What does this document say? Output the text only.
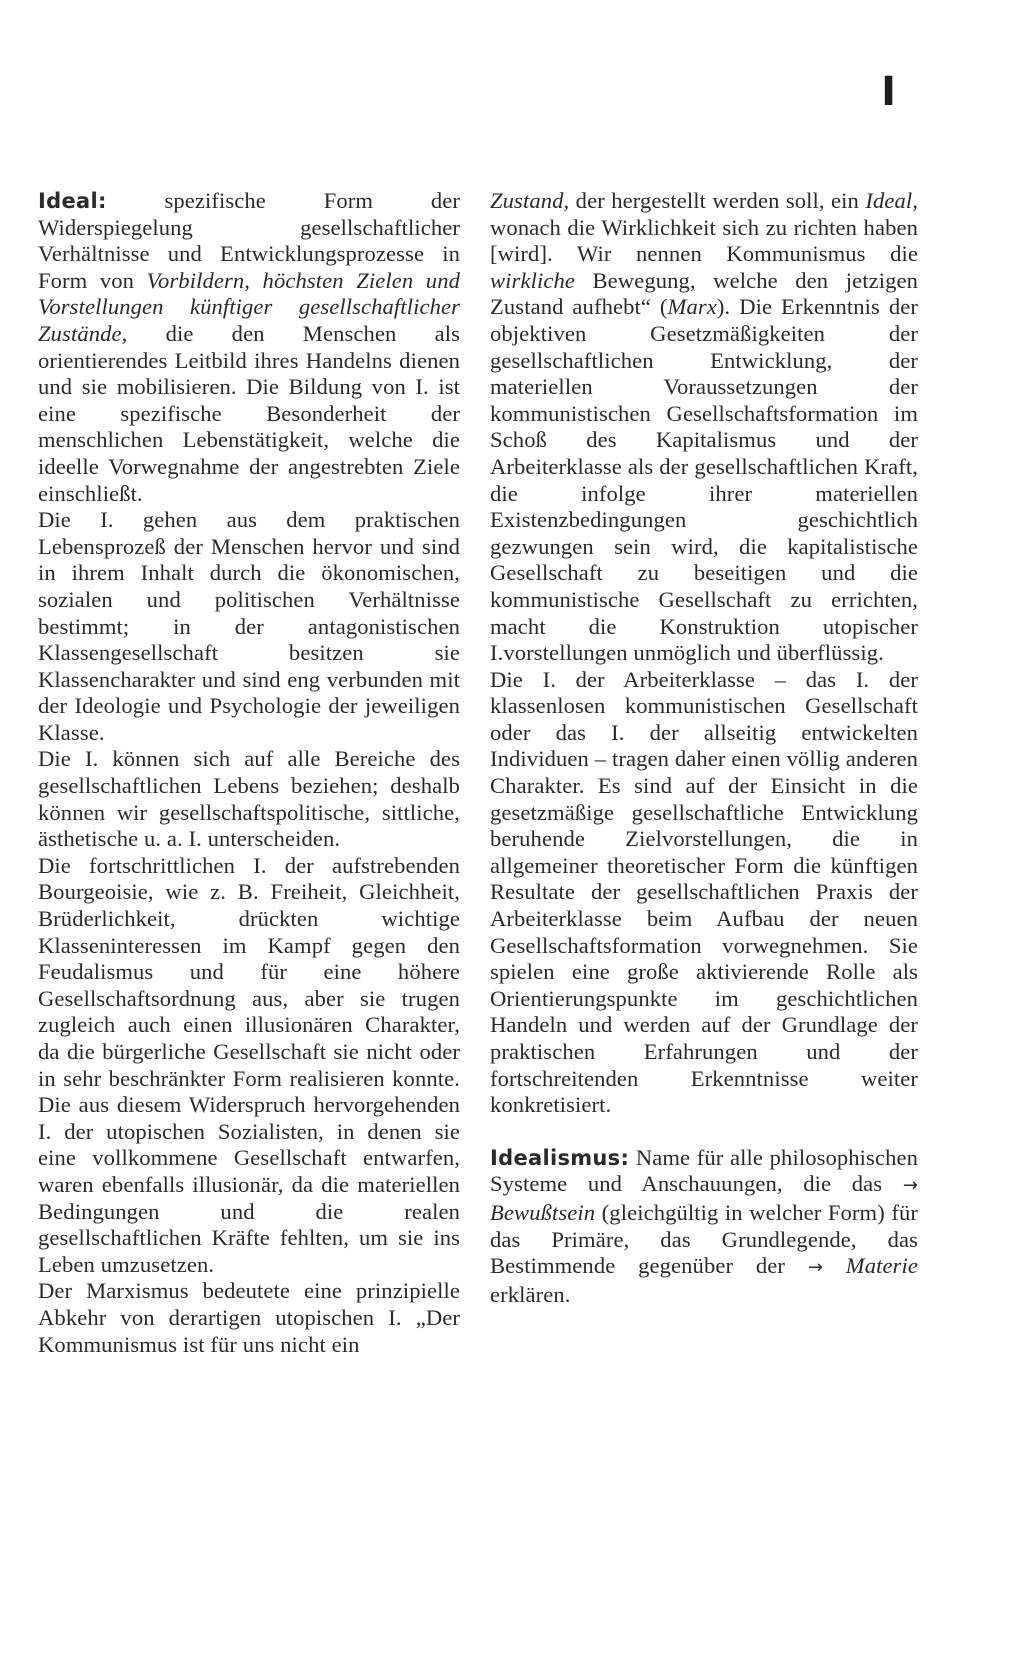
I

Ideal:	spezifische Form der Widerspiegelung gesellschaftlicher Verhältnisse und Entwicklungsprozesse in Form von Vorbildern, höchsten Zielen und Vorstellungen künftiger gesellschaftlicher Zustände, die den Menschen als orientierendes Leitbild ihres Handelns dienen und sie mobilisieren. Die Bildung von I. ist eine spezifische Besonderheit der menschlichen Lebenstätigkeit, welche die ideelle Vorwegnahme der angestrebten Ziele einschließt.

Die I. gehen aus dem praktischen Lebensprozeß der Menschen hervor und sind in ihrem Inhalt durch die ökonomischen, sozialen und politischen Verhältnisse bestimmt; in der antagonistischen Klassengesellschaft besitzen sie Klassencharakter und sind eng verbunden mit der Ideologie und Psychologie der jeweiligen Klasse.

Die I. können sich auf alle Bereiche des gesellschaftlichen Lebens beziehen; deshalb können wir gesellschaftspolitische, sittliche, ästhetische u. a. I. unterscheiden.

Die fortschrittlichen I. der aufstrebenden Bourgeoisie, wie z. B. Freiheit, Gleichheit, Brüderlichkeit, drückten wichtige Klasseninteressen im Kampf gegen den Feudalismus und für eine höhere Gesellschaftsordnung aus, aber sie trugen zugleich auch einen illusionären Charakter, da die bürgerliche Gesellschaft sie nicht oder in sehr beschränkter Form realisieren konnte. Die aus diesem Widerspruch hervorgehenden I. der utopischen Sozialisten, in denen sie eine vollkommene Gesellschaft entwarfen, waren ebenfalls illusionär, da die materiellen Bedingungen und die realen gesellschaftlichen Kräfte fehlten, um sie ins Leben umzusetzen.

Der Marxismus bedeutete eine prinzipielle Abkehr von derartigen utopischen I. „Der Kommunismus ist für uns nicht ein

Zustand, der hergestellt werden soll, ein Ideal, wonach die Wirklichkeit sich zu richten haben [wird]. Wir nennen Kommunismus die wirkliche Bewegung, welche den jetzigen Zustand aufhebt“ (Marx). Die Erkenntnis der objektiven Gesetzmäßigkeiten der gesellschaftlichen Entwicklung, der materiellen Voraussetzungen der kommunistischen Gesellschaftsformation im Schoß des Kapitalismus und der Arbeiterklasse als der gesellschaftlichen Kraft, die infolge ihrer materiellen Existenzbedingungen geschichtlich gezwungen sein wird, die kapitalistische Gesellschaft zu beseitigen und die kommunistische Gesellschaft zu errichten, macht die Konstruktion utopischer I.vorstellungen unmöglich und überflüssig.

Die I. der Arbeiterklasse – das I. der klassenlosen kommunistischen Gesellschaft oder das I. der allseitig entwickelten Individuen – tragen daher einen völlig anderen Charakter. Es sind auf der Einsicht in die gesetzmäßige gesellschaftliche Entwicklung beruhende Zielvorstellungen, die in allgemeiner theoretischer Form die künftigen Resultate der gesellschaftlichen Praxis der Arbeiterklasse beim Aufbau der neuen Gesellschaftsformation vorwegnehmen. Sie spielen eine große aktivierende Rolle als Orientierungspunkte im geschichtlichen Handeln und werden auf der Grundlage der praktischen Erfahrungen und der fortschreitenden Erkenntnisse weiter konkretisiert.

Idealismus: Name für alle philosophischen Systeme und Anschauungen, die das → Bewußtsein (gleichgültig in welcher Form) für das Primäre, das Grundlegende, das Bestimmende gegenüber der → Materie erklären.
